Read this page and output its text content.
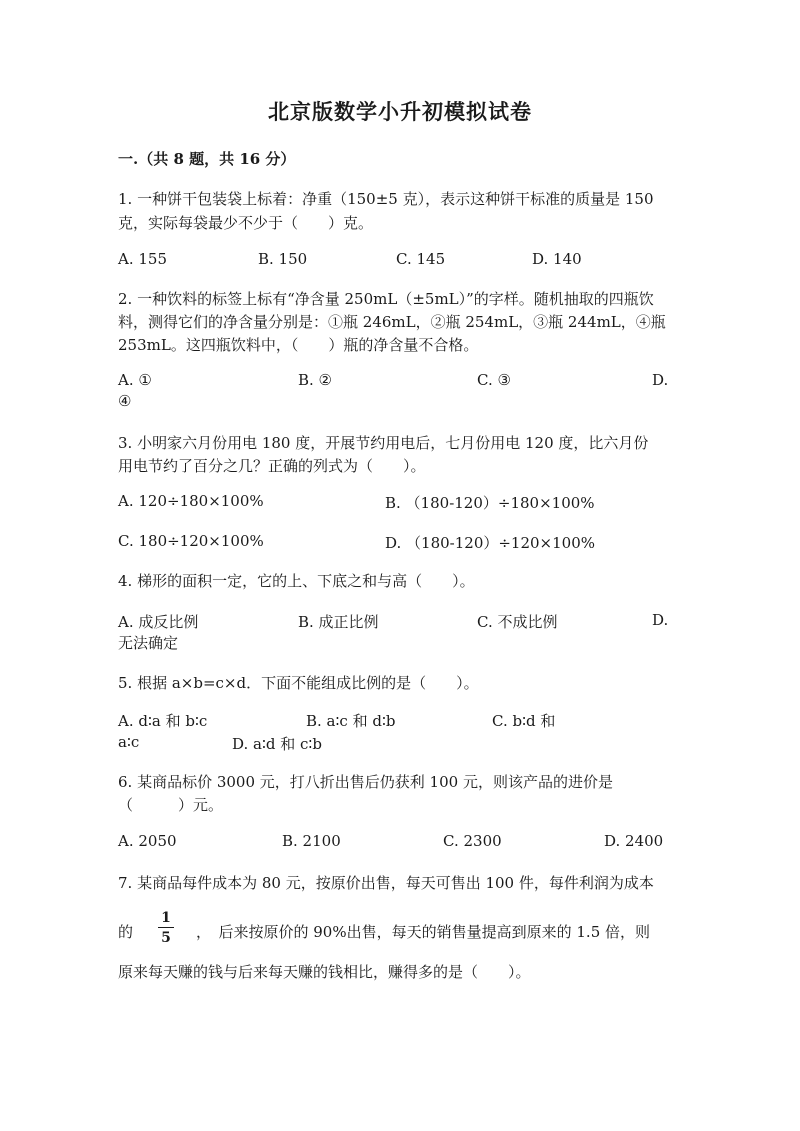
北京版数学小升初模拟试卷
一.（共 8 题，共 16 分）
1. 一种饼干包装袋上标着：净重（150±5 克），表示这种饼干标准的质量是 150
克，实际每袋最少不少于（　　）克。
A. 155	B. 150	C. 145	D. 140
2. 一种饮料的标签上标有“净含量 250mL（±5mL）”的字样。随机抽取的四瓶饮
料，测得它们的净含量分别是：①瓶 246mL，②瓶 254mL，③瓶 244mL，④瓶
253mL。这四瓶饮料中，（　　）瓶的净含量不合格。
A. ①	B. ②	C. ③	D.
④
3. 小明家六月份用电 180 度，开展节约用电后，七月份用电 120 度，比六月份
用电节约了百分之几？正确的列式为（　　）。
A. 120÷180×100%	B. （180-120）÷180×100%
C. 180÷120×100%	D. （180-120）÷120×100%
4. 梯形的面积一定，它的上、下底之和与高（　　）。
A. 成反比例	B. 成正比例	C. 不成比例	D.
无法确定
5. 根据 a×b=c×d．下面不能组成比例的是（　　）。
A. d∶a 和 b∶c	B. a∶c 和 d∶b	C. b∶d 和
a∶c	D. a∶d 和 c∶b
6. 某商品标价 3000 元，打八折出售后仍获利 100 元，则该产品的进价是
（　　　）元。
A. 2050	B. 2100	C. 2300	D. 2400
7. 某商品每件成本为 80 元，按原价出售，每天可售出 100 件，每件利润为成本
的
1
5 ，　后来按原价的 90%出售，每天的销售量提高到原来的 1.5 倍，则
原来每天赚的钱与后来每天赚的钱相比，赚得多的是（　　）。
